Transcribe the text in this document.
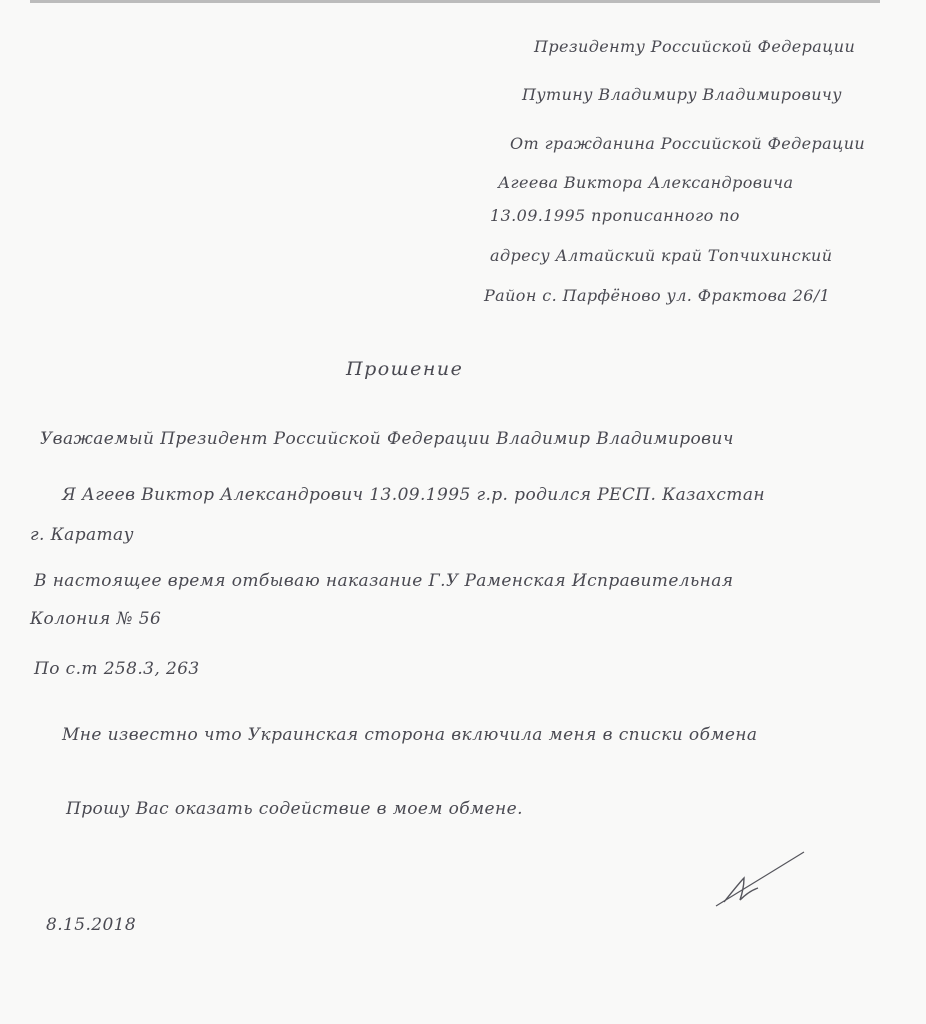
Президенту Российской Федерации
Путину Владимиру Владимировичу
От гражданина Российской Федерации
Агеева Виктора Александровича
13.09.1995 прописанного по
адресу Алтайский край Топчихинский
Район с. Парфёново ул. Фрактова 26/1
Прошение
Уважаемый Президент Российской Федерации Владимир Владимирович
Я Агеев Виктор Александрович 13.09.1995 г.р. родился РЕСП. Казахстан
г. Каратау
В настоящее время отбываю наказание Г.У Раменская Исправительная
Колония № 56
По с.т 258.3, 263
Мне известно что Украинская сторона включила меня в списки обмена
Прошу Вас оказать содействие в моем обмене.
8.15.2018
